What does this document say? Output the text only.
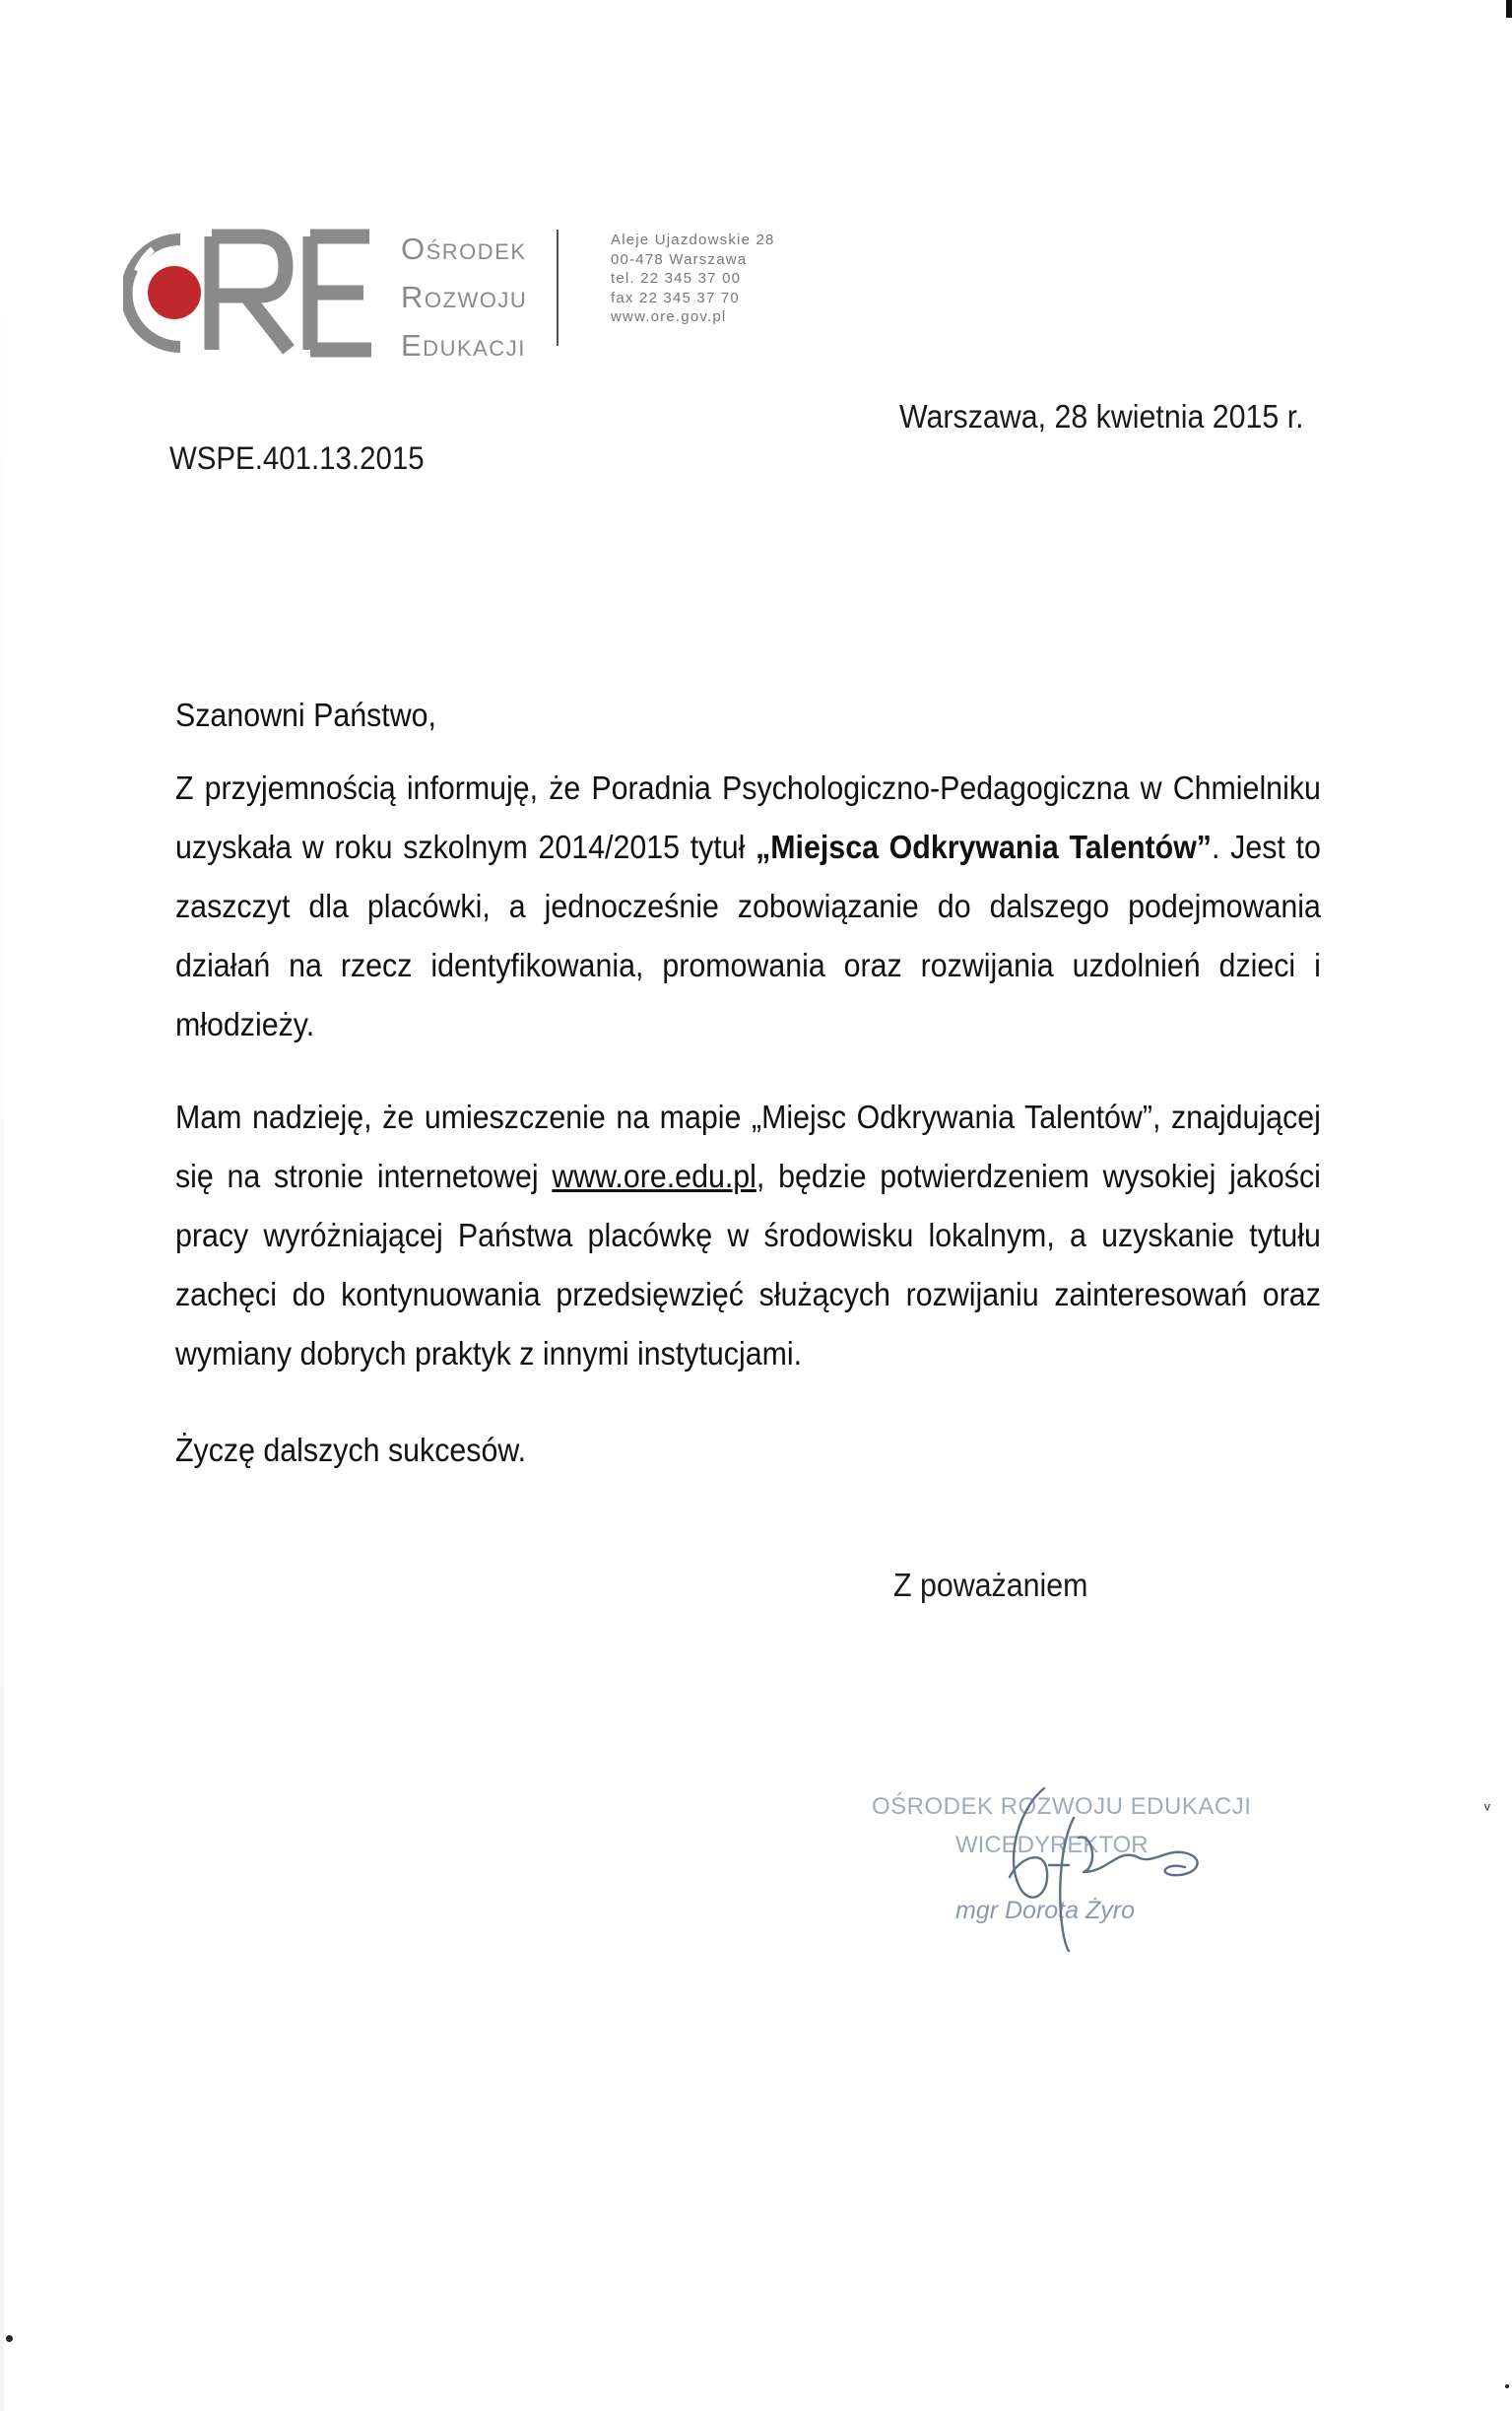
Ośrodek
Rozwoju
Edukacji
Aleje Ujazdowskie 28
00-478 Warszawa
tel. 22 345 37 00
fax 22 345 37 70
www.ore.gov.pl
Warszawa, 28 kwietnia 2015 r.
WSPE.401.13.2015
Szanowni Państwo,
Z przyjemnością informuję, że Poradnia Psychologiczno-Pedagogiczna w Chmielniku uzyskała w roku szkolnym 2014/2015 tytuł „Miejsca Odkrywania Talentów”. Jest to zaszczyt dla placówki, a jednocześnie zobowiązanie do dalszego podejmowania działań na rzecz identyfikowania, promowania oraz rozwijania uzdolnień dzieci i młodzieży.
Mam nadzieję, że umieszczenie na mapie „Miejsc Odkrywania Talentów”, znajdującej się na stronie internetowej www.ore.edu.pl, będzie potwierdzeniem wysokiej jakości pracy wyróżniającej Państwa placówkę w środowisku lokalnym, a uzyskanie tytułu zachęci do kontynuowania przedsięwzięć służących rozwijaniu zainteresowań oraz wymiany dobrych praktyk z innymi instytucjami.
Życzę dalszych sukcesów.
Z poważaniem
OŚRODEK ROZWOJU EDUKACJI
WICEDYREKTOR
mgr Dorota Żyro
ᵛ
